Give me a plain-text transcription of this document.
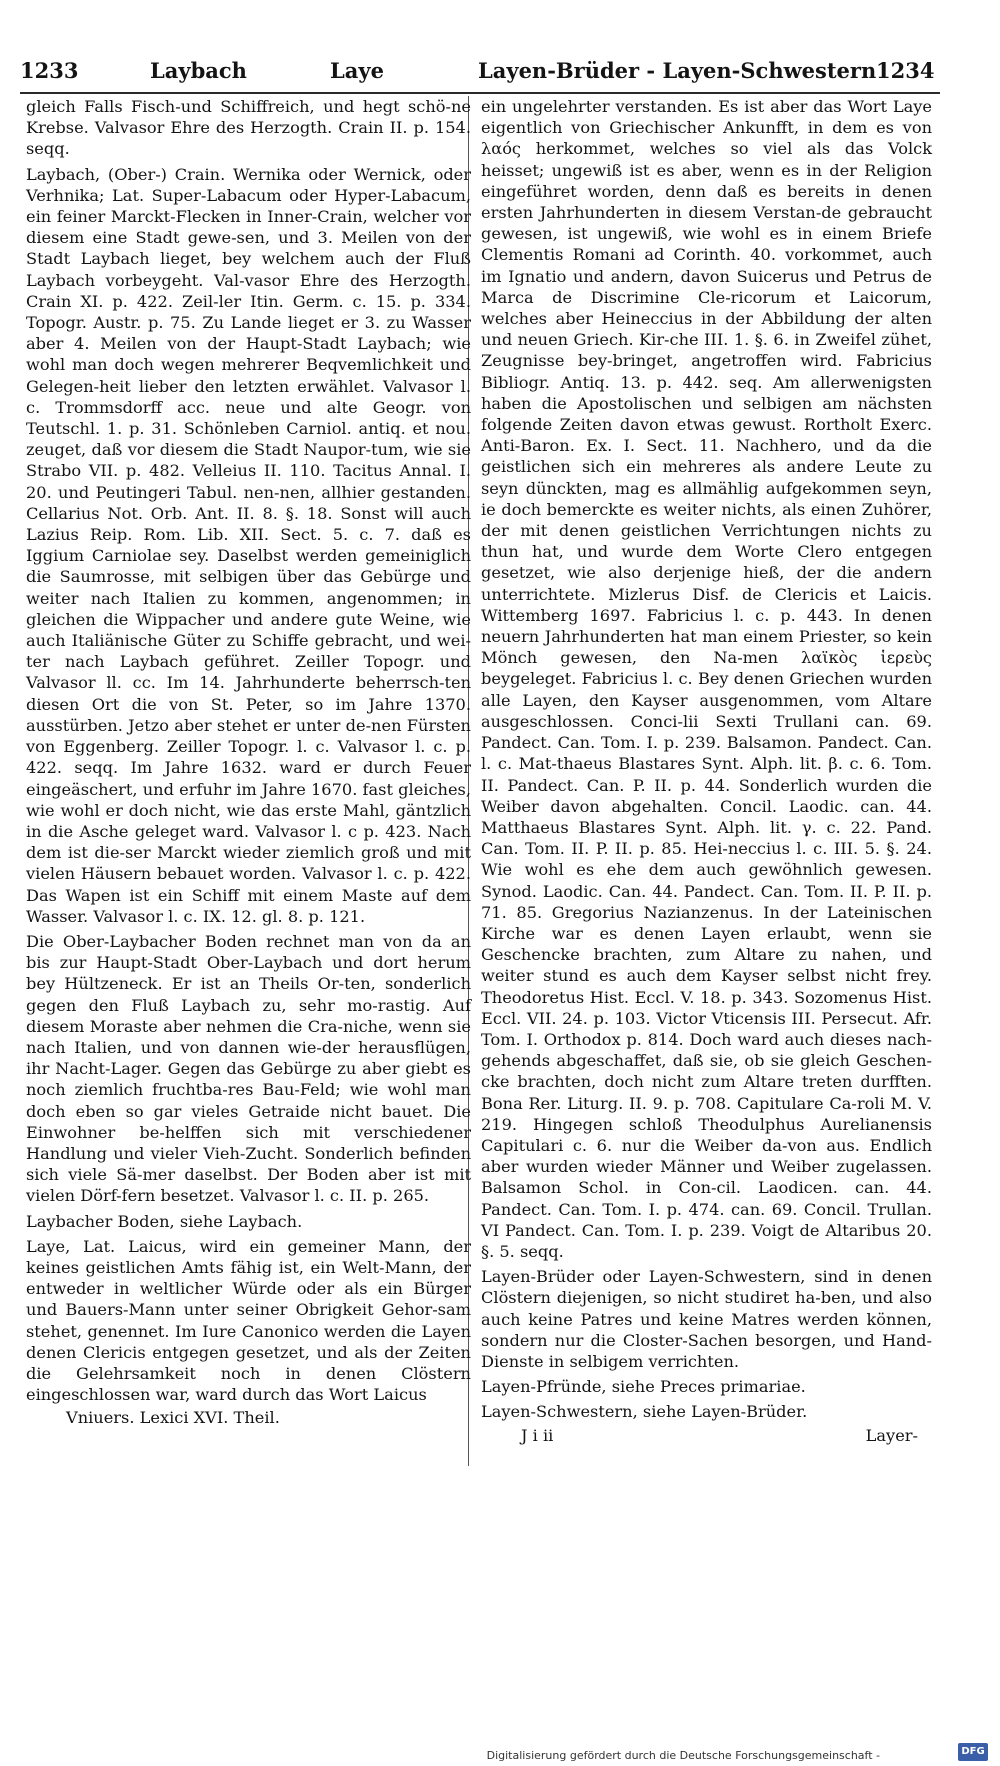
1233	Laybach	Laye	Layen-Brüder - Layen-Schwestern 1234

gleich Falls Fisch-und Schiffreich, und hegt schö-ne Krebse. Valvasor Ehre des Herzogth. Crain II. p. 154. seqq.

Laybach, (Ober-) Crain. Wernika oder Wernick, oder Verhnika; Lat. Super-Labacum oder Hyper-Labacum, ein feiner Marckt-Flecken in Inner-Crain, welcher vor diesem eine Stadt gewe-sen, und 3. Meilen von der Stadt Laybach lieget, bey welchem auch der Fluß Laybach vorbeygeht. Val-vasor Ehre des Herzogth. Crain XI. p. 422. Zeil-ler Itin. Germ. c. 15. p. 334. Topogr. Austr. p. 75. Zu Lande lieget er 3. zu Wasser aber 4. Meilen von der Haupt-Stadt Laybach; wie wohl man doch wegen mehrerer Beqvemlichkeit und Gelegen-heit lieber den letzten erwählet. Valvasor l. c. Trommsdorff acc. neue und alte Geogr. von Teutschl. 1. p. 31. Schönleben Carniol. antiq. et nou. zeuget, daß vor diesem die Stadt Naupor-tum, wie sie Strabo VII. p. 482. Velleius II. 110. Tacitus Annal. I. 20. und Peutingeri Tabul. nen-nen, allhier gestanden. Cellarius Not. Orb. Ant. II. 8. §. 18. Sonst will auch Lazius Reip. Rom. Lib. XII. Sect. 5. c. 7. daß es Iggium Carniolae sey. Daselbst werden gemeiniglich die Saumrosse, mit selbigen über das Gebürge und weiter nach Italien zu kommen, angenommen; in gleichen die Wippacher und andere gute Weine, wie auch Italiänische Güter zu Schiffe gebracht, und wei-ter nach Laybach geführet. Zeiller Topogr. und Valvasor ll. cc. Im 14. Jahrhunderte beherrsch-ten diesen Ort die von St. Peter, so im Jahre 1370. ausstürben. Jetzo aber stehet er unter de-nen Fürsten von Eggenberg. Zeiller Topogr. l. c. Valvasor l. c. p. 422. seqq. Im Jahre 1632. ward er durch Feuer eingeäschert, und erfuhr im Jahre 1670. fast gleiches, wie wohl er doch nicht, wie das erste Mahl, gäntzlich in die Asche geleget ward. Valvasor l. c p. 423. Nach dem ist die-ser Marckt wieder ziemlich groß und mit vielen Häusern bebauet worden. Valvasor l. c. p. 422. Das Wapen ist ein Schiff mit einem Maste auf dem Wasser. Valvasor l. c. IX. 12. gl. 8. p. 121.

Die Ober-Laybacher Boden rechnet man von da an bis zur Haupt-Stadt Ober-Laybach und dort herum bey Hültzeneck. Er ist an Theils Or-ten, sonderlich gegen den Fluß Laybach zu, sehr mo-rastig. Auf diesem Moraste aber nehmen die Cra-niche, wenn sie nach Italien, und von dannen wie-der herausflügen, ihr Nacht-Lager. Gegen das Gebürge zu aber giebt es noch ziemlich fruchtba-res Bau-Feld; wie wohl man doch eben so gar vieles Getraide nicht bauet. Die Einwohner be-helffen sich mit verschiedener Handlung und vieler Vieh-Zucht. Sonderlich befinden sich viele Sä-mer daselbst. Der Boden aber ist mit vielen Dörf-fern besetzet. Valvasor l. c. II. p. 265.

Laybacher Boden, siehe Laybach.

Laye, Lat. Laicus, wird ein gemeiner Mann, der keines geistlichen Amts fähig ist, ein Welt-Mann, der entweder in weltlicher Würde oder als ein Bürger und Bauers-Mann unter seiner Obrigkeit Gehor-sam stehet, genennet. Im Iure Canonico werden die Layen denen Clericis entgegen gesetzet, und als der Zeiten die Gelehrsamkeit noch in denen Clöstern eingeschlossen war, ward durch das Wort Laicus

Vniuers. Lexici XVI. Theil.

ein ungelehrter verstanden. Es ist aber das Wort Laye eigentlich von Griechischer Ankunfft, in dem es von λαός herkommet, welches so viel als das Volck heisset; ungewiß ist es aber, wenn es in der Religion eingeführet worden, denn daß es bereits in denen ersten Jahrhunderten in diesem Verstan-de gebraucht gewesen, ist ungewiß, wie wohl es in einem Briefe Clementis Romani ad Corinth. 40. vorkommet, auch im Ignatio und andern, davon Suicerus und Petrus de Marca de Discrimine Cle-ricorum et Laicorum, welches aber Heineccius in der Abbildung der alten und neuen Griech. Kir-che III. 1. §. 6. in Zweifel zühet, Zeugnisse bey-bringet, angetroffen wird. Fabricius Bibliogr. Antiq. 13. p. 442. seq. Am allerwenigsten haben die Apostolischen und selbigen am nächsten folgende Zeiten davon etwas gewust. Rortholt Exerc. Anti-Baron. Ex. I. Sect. 11. Nachhero, und da die geistlichen sich ein mehreres als andere Leute zu seyn dünckten, mag es allmählig aufgekommen seyn, ie doch bemerckte es weiter nichts, als einen Zuhörer, der mit denen geistlichen Verrichtungen nichts zu thun hat, und wurde dem Worte Clero entgegen gesetzet, wie also derjenige hieß, der die andern unterrichtete. Mizlerus Disf. de Clericis et Laicis. Wittemberg 1697. Fabricius l. c. p. 443. In denen neuern Jahrhunderten hat man einem Priester, so kein Mönch gewesen, den Na-men λαϊκὸς ἱερεὺς beygeleget. Fabricius l. c. Bey denen Griechen wurden alle Layen, den Kayser ausgenommen, vom Altare ausgeschlossen. Conci-lii Sexti Trullani can. 69. Pandect. Can. Tom. I. p. 239. Balsamon. Pandect. Can. l. c. Mat-thaeus Blastares Synt. Alph. lit. β. c. 6. Tom. II. Pandect. Can. P. II. p. 44. Sonderlich wurden die Weiber davon abgehalten. Concil. Laodic. can. 44. Matthaeus Blastares Synt. Alph. lit. γ. c. 22. Pand. Can. Tom. II. P. II. p. 85. Hei-neccius l. c. III. 5. §. 24. Wie wohl es ehe dem auch gewöhnlich gewesen. Synod. Laodic. Can. 44. Pandect. Can. Tom. II. P. II. p. 71. 85. Gregorius Nazianzenus. In der Lateinischen Kirche war es denen Layen erlaubt, wenn sie Geschencke brachten, zum Altare zu nahen, und weiter stund es auch dem Kayser selbst nicht frey. Theodoretus Hist. Eccl. V. 18. p. 343. Sozomenus Hist. Eccl. VII. 24. p. 103. Victor Vticensis III. Persecut. Afr. Tom. I. Orthodox p. 814. Doch ward auch dieses nach-gehends abgeschaffet, daß sie, ob sie gleich Geschen-cke brachten, doch nicht zum Altare treten durfften. Bona Rer. Liturg. II. 9. p. 708. Capitulare Ca-roli M. V. 219. Hingegen schloß Theodulphus Aurelianensis Capitulari c. 6. nur die Weiber da-von aus. Endlich aber wurden wieder Männer und Weiber zugelassen. Balsamon Schol. in Con-cil. Laodicen. can. 44. Pandect. Can. Tom. I. p. 474. can. 69. Concil. Trullan. VI Pandect. Can. Tom. I. p. 239. Voigt de Altaribus 20. §. 5. seqq.

Layen-Brüder oder Layen-Schwestern, sind in denen Clöstern diejenigen, so nicht studiret ha-ben, und also auch keine Patres und keine Matres werden können, sondern nur die Closter-Sachen besorgen, und Hand-Dienste in selbigem verrichten.

Layen-Pfründe, siehe Preces primariae.

Layen-Schwestern, siehe Layen-Brüder.

J i ii	Layer-

Digitalisierung gefördert durch die Deutsche Forschungsgemeinschaft -	DFG
